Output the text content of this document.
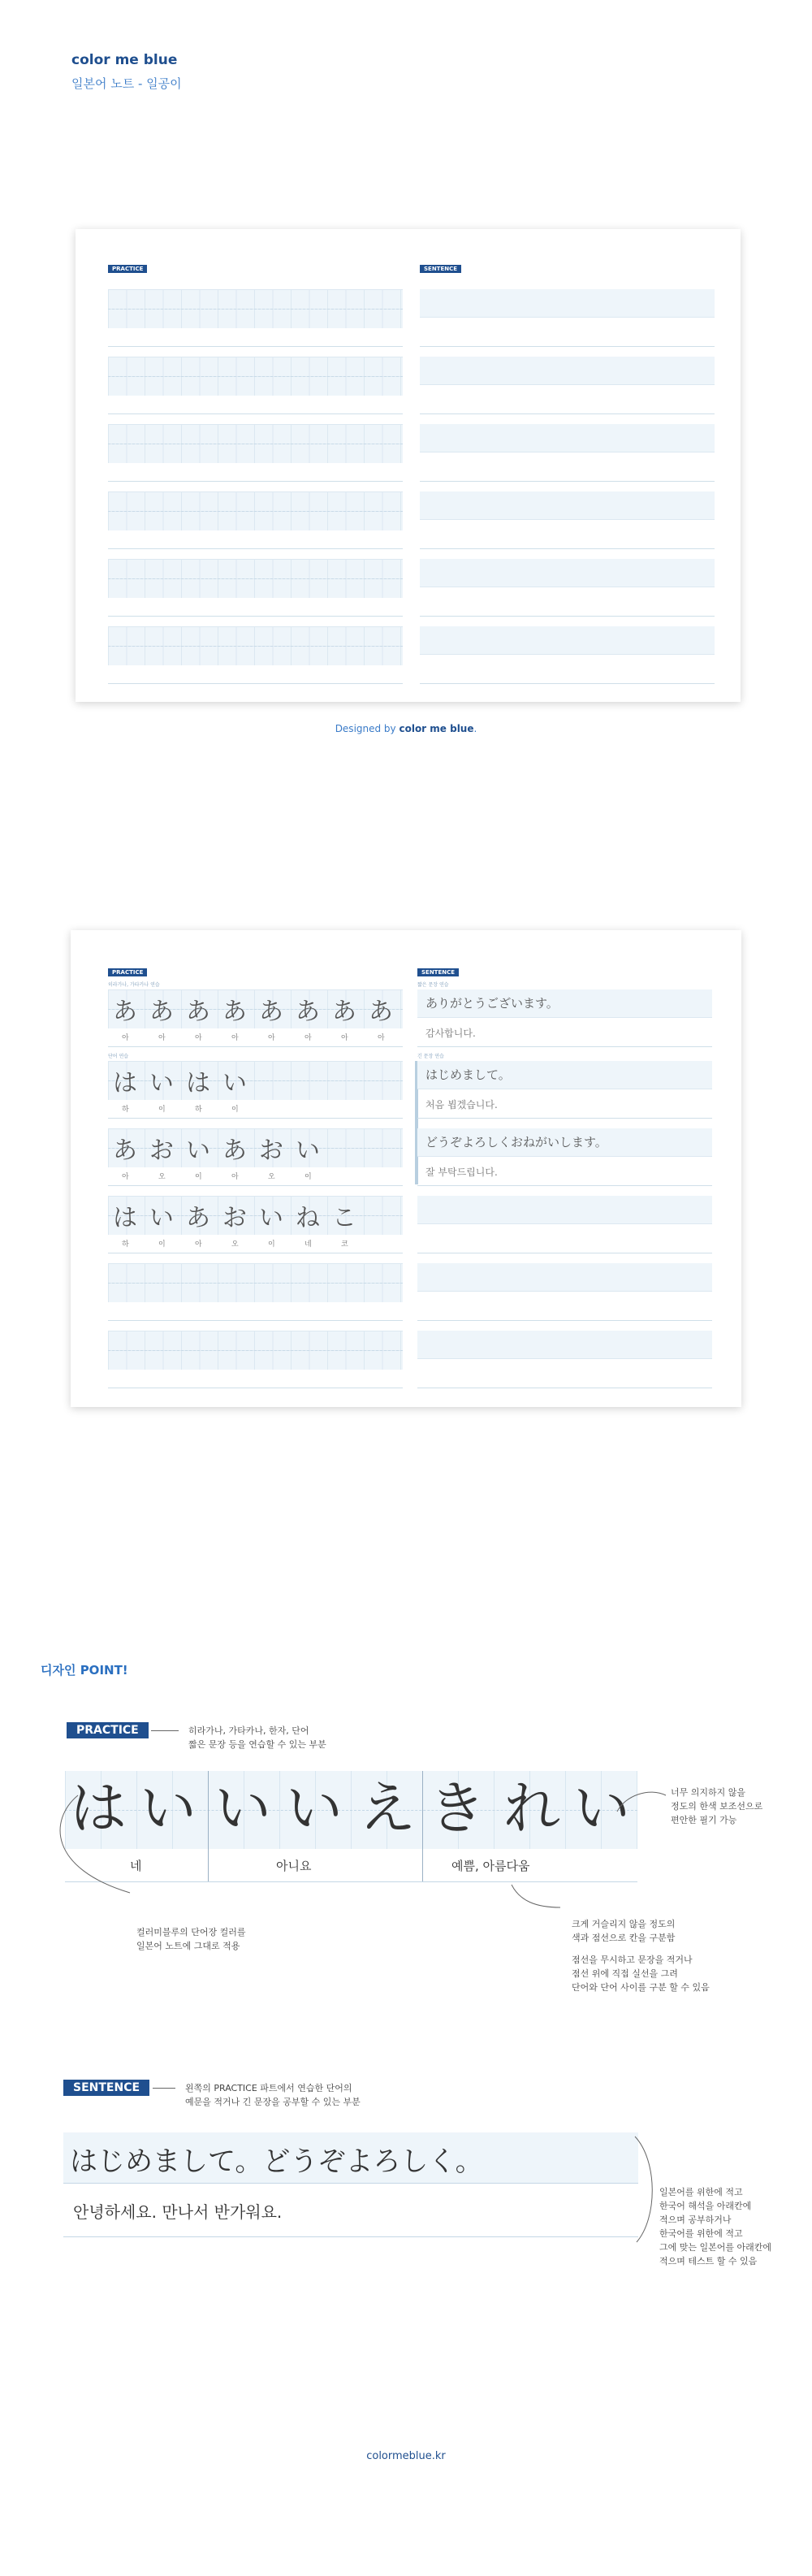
color me blue
일본어 노트 - 일공이
PRACTICE	SENTENCE
Designed by color me blue.
PRACTICE	SENTENCE
히라가나, 가타카나 연습
あ あ あ あ あ あ あ あ
아	아	아	아	아	아	아	아
단어 연습
は い は い
하	이	하	이
あ お い あ お い
아	오	이	아	오	이
は い あ お い ね こ
하	이	아	오	이	네	코
짧은 문장 연습
ありがとうございます。
감사합니다.
긴 문장 연습
はじめまして。
처음 뵙겠습니다.
どうぞよろしくおねがいします。
잘 부탁드립니다.
디자인 POINT!
PRACTICE	히라가나, 가타카나, 한자, 단어
짧은 문장 등을 연습할 수 있는 부분
は い い い え き れ い
네	아니요	예쁨, 아름다움
너무 의지하지 않을
정도의 한색 보조선으로
편안한 필기 가능
컬러미블루의 단어장 컬러를
일본어 노트에 그대로 적용
크게 거슬리지 않을 정도의
색과 점선으로 칸을 구분함
점선을 무시하고 문장을 적거나
점선 위에 직접 실선을 그려
단어와 단어 사이를 구분 할 수 있음
SENTENCE	왼쪽의 PRACTICE 파트에서 연습한 단어의
예문을 적거나 긴 문장을 공부할 수 있는 부분
はじめまして。どうぞよろしく。
안녕하세요. 만나서 반가워요.
일본어를 위한에 적고
한국어 해석을 아래칸에
적으며 공부하거나
한국어를 위한에 적고
그에 맞는 일본어를 아래칸에
적으며 테스트 할 수 있음
colormeblue.kr
